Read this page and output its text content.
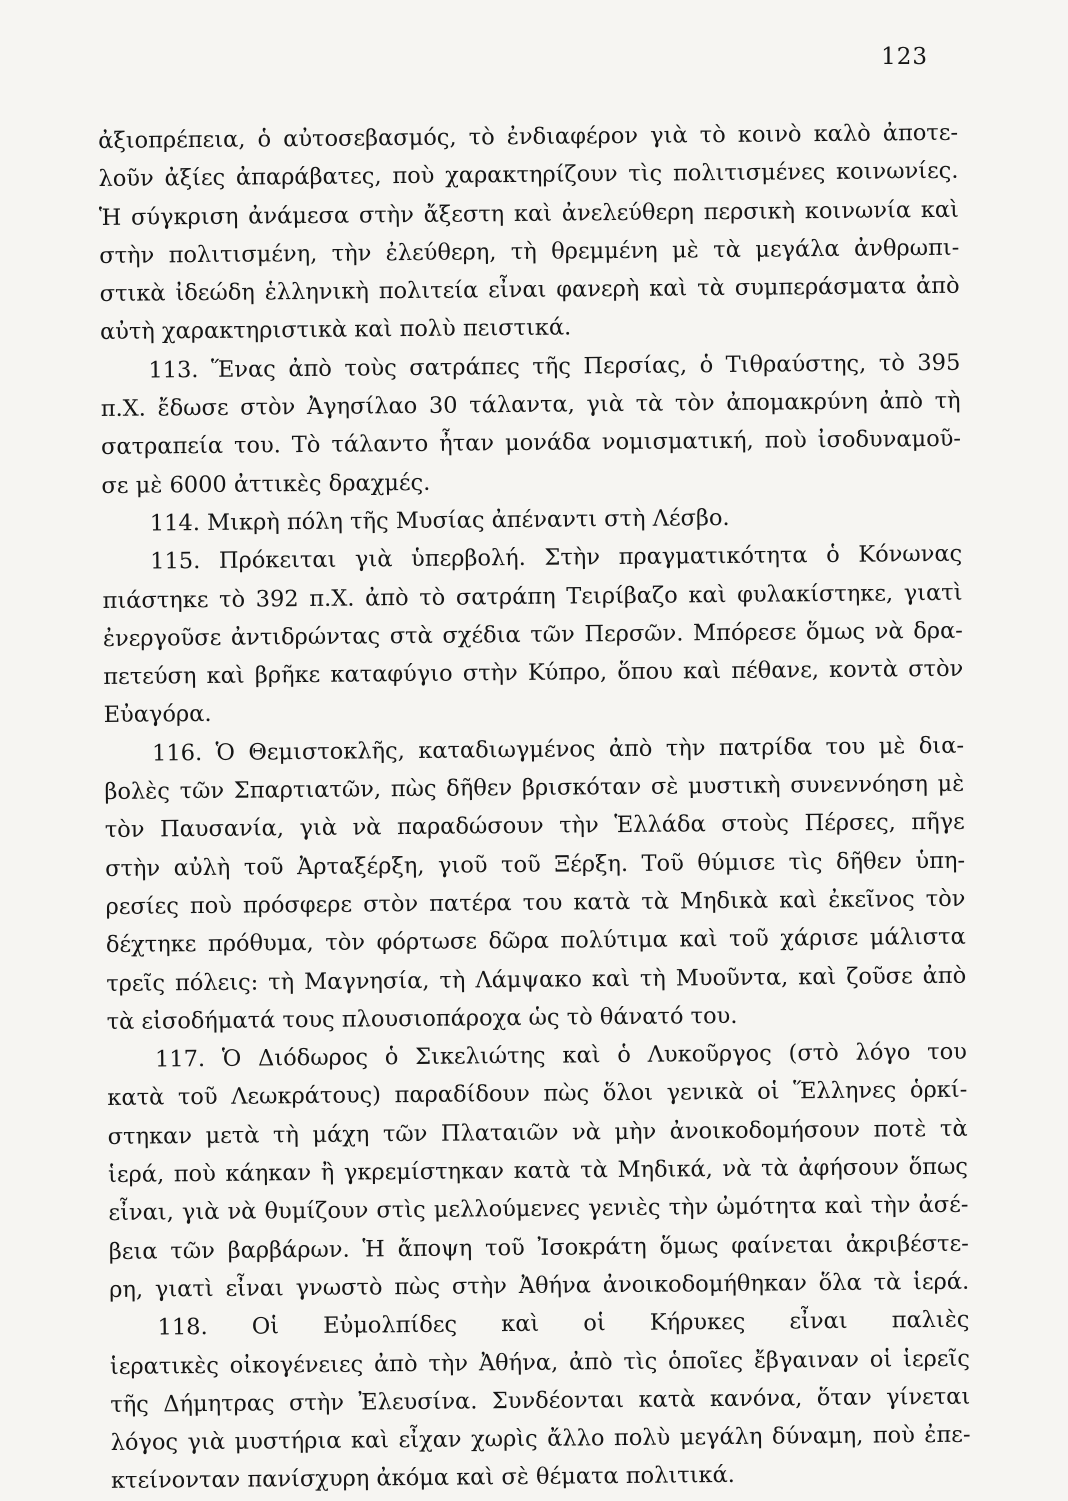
123
ἀξιοπρέπεια, ὁ αὐτοσεβασμός, τὸ ἐνδιαφέρον γιὰ τὸ κοινὸ καλὸ ἀποτε-
λοῦν ἀξίες ἀπαράβατες, ποὺ χαρακτηρίζουν τὶς πολιτισμένες κοινωνίες.
Ἡ σύγκριση ἀνάμεσα στὴν ἄξεστη καὶ ἀνελεύθερη περσικὴ κοινωνία καὶ
στὴν πολιτισμένη, τὴν ἐλεύθερη, τὴ θρεμμένη μὲ τὰ μεγάλα ἀνθρωπι-
στικὰ ἰδεώδη ἑλληνικὴ πολιτεία εἶναι φανερὴ καὶ τὰ συμπεράσματα ἀπὸ
αὐτὴ χαρακτηριστικὰ καὶ πολὺ πειστικά.
113. Ἕνας ἀπὸ τοὺς σατράπες τῆς Περσίας, ὁ Τιθραύστης, τὸ 395
π.Χ. ἔδωσε στὸν Ἀγησίλαο 30 τάλαντα, γιὰ τὰ τὸν ἀπομακρύνη ἀπὸ τὴ
σατραπεία του. Τὸ τάλαντο ἦταν μονάδα νομισματική, ποὺ ἰσοδυναμοῦ-
σε μὲ 6000 ἀττικὲς δραχμές.
114. Μικρὴ πόλη τῆς Μυσίας ἀπέναντι στὴ Λέσβο.
115. Πρόκειται γιὰ ὑπερβολή. Στὴν πραγματικότητα ὁ Κόνωνας
πιάστηκε τὸ 392 π.Χ. ἀπὸ τὸ σατράπη Τειρίβαζο καὶ φυλακίστηκε, γιατὶ
ἐνεργοῦσε ἀντιδρώντας στὰ σχέδια τῶν Περσῶν. Μπόρεσε ὅμως νὰ δρα-
πετεύση καὶ βρῆκε καταφύγιο στὴν Κύπρο, ὅπου καὶ πέθανε, κοντὰ στὸν
Εὐαγόρα.
116. Ὁ Θεμιστοκλῆς, καταδιωγμένος ἀπὸ τὴν πατρίδα του μὲ δια-
βολὲς τῶν Σπαρτιατῶν, πὼς δῆθεν βρισκόταν σὲ μυστικὴ συνεννόηση μὲ
τὸν Παυσανία, γιὰ νὰ παραδώσουν τὴν Ἑλλάδα στοὺς Πέρσες, πῆγε
στὴν αὐλὴ τοῦ Ἀρταξέρξη, γιοῦ τοῦ Ξέρξη. Τοῦ θύμισε τὶς δῆθεν ὑπη-
ρεσίες ποὺ πρόσφερε στὸν πατέρα του κατὰ τὰ Μηδικὰ καὶ ἐκεῖνος τὸν
δέχτηκε πρόθυμα, τὸν φόρτωσε δῶρα πολύτιμα καὶ τοῦ χάρισε μάλιστα
τρεῖς πόλεις: τὴ Μαγνησία, τὴ Λάμψακο καὶ τὴ Μυοῦντα, καὶ ζοῦσε ἀπὸ
τὰ εἰσοδήματά τους πλουσιοπάροχα ὡς τὸ θάνατό του.
117. Ὁ Διόδωρος ὁ Σικελιώτης καὶ ὁ Λυκοῦργος (στὸ λόγο του
κατὰ τοῦ Λεωκράτους) παραδίδουν πὼς ὅλοι γενικὰ οἱ Ἕλληνες ὁρκί-
στηκαν μετὰ τὴ μάχη τῶν Πλαταιῶν νὰ μὴν ἀνοικοδομήσουν ποτὲ τὰ
ἱερά, ποὺ κάηκαν ἢ γκρεμίστηκαν κατὰ τὰ Μηδικά, νὰ τὰ ἀφήσουν ὅπως
εἶναι, γιὰ νὰ θυμίζουν στὶς μελλούμενες γενιὲς τὴν ὠμότητα καὶ τὴν ἀσέ-
βεια τῶν βαρβάρων. Ἡ ἄποψη τοῦ Ἰσοκράτη ὅμως φαίνεται ἀκριβέστε-
ρη, γιατὶ εἶναι γνωστὸ πὼς στὴν Ἀθήνα ἀνοικοδομήθηκαν ὅλα τὰ ἱερά.
118. Οἱ Εὐμολπίδες καὶ οἱ Κήρυκες εἶναι παλιὲς
ἱερατικὲς οἰκογένειες ἀπὸ τὴν Ἀθήνα, ἀπὸ τὶς ὁποῖες ἔβγαιναν οἱ ἱερεῖς
τῆς Δήμητρας στὴν Ἐλευσίνα. Συνδέονται κατὰ κανόνα, ὅταν γίνεται
λόγος γιὰ μυστήρια καὶ εἶχαν χωρὶς ἄλλο πολὺ μεγάλη δύναμη, ποὺ ἐπε-
κτείνονταν πανίσχυρη ἀκόμα καὶ σὲ θέματα πολιτικά.
